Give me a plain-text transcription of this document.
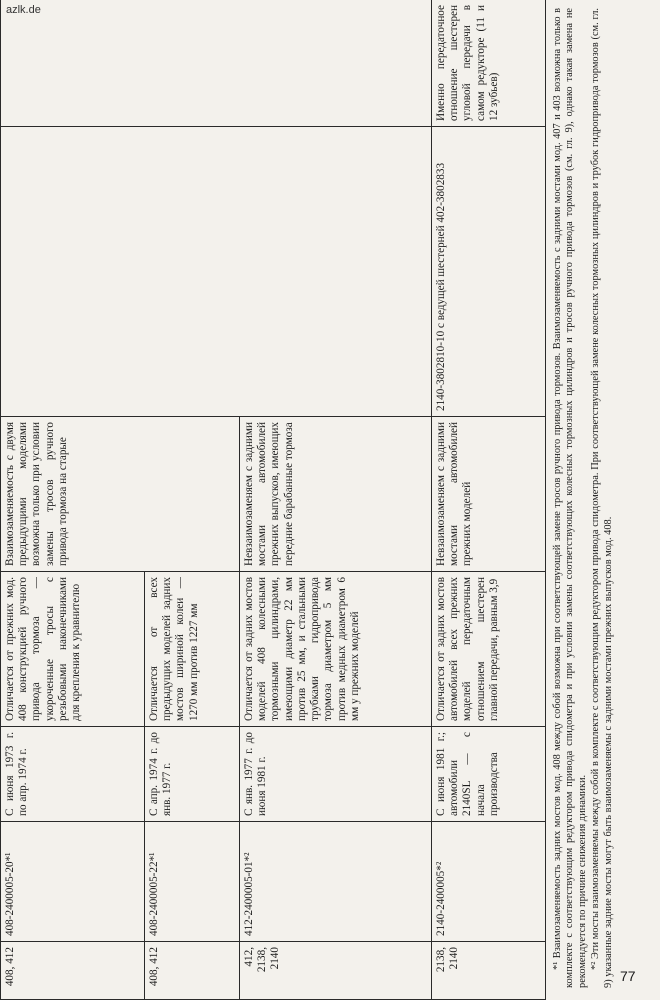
azlk.de
408, 412	408-2400005-20*¹	С июня 1973 г. по апр. 1974 г.	Отличается от прежних мод. 408 конструкцией ручного привода тормоза — укороченные тросы с резьбовыми наконечниками для крепления к уравнителю	Взаимозаменяемость с двумя предыдущими моделями возможна только при условии замены тросов ручного привода тормоза на старые		
408, 412	408-2400005-22*¹	С апр. 1974 г. до янв. 1977 г.	Отличается от всех предыдущих моделей задних мостов шириной колеи — 1270 мм против 1227 мм			
412, 2138, 2140	412-2400005-01*²	С янв. 1977 г. до июня 1981 г.	Отличается от задних мостов моделей 408 колесными тормозными цилиндрами, имеющими диаметр 22 мм против 25 мм, и стальными трубками гидропривода тормоза диаметром 5 мм против медных диаметром 6 мм у прежних моделей	Невзаимозаменяем с задними мостами автомобилей прежних выпусков, имеющих передние барабанные тормоза		
2138, 2140	2140-2400005*²	С июня 1981 г.; автомобили 2140SL — с начала производства	Отличается от задних мостов автомобилей всех прежних моделей передаточным отношением шестерен главной передачи, равным 3,9	Невзаимозаменяем с задними мостами автомобилей прежних моделей	2140-3802810-10 с ведущей шестерней 402-3802833	Именно передаточное отношение шестерен угловой передачи в самом редукторе (11 и 12 зубьев)	*¹ Взаимозаменяемость задних мостов мод. 408 между собой возможна при соответствующей замене тросов ручного привода тормозов. Взаимозаменяемость с задними мостами мод. 407 и 403 возможна только в комплекте с соответствующим редуктором привода спидометра и при условии замены соответствующих колесных тормозных цилиндров и тросов ручного привода тормозов (см. гл. 9), однако такая замена не рекомендуется по причине снижения динамики. *² Эти мосты взаимозаменяемы между собой в комплекте с соответствующим редуктором привода спидометра. При соответствующей замене колесных тормозных цилиндров и трубок гидропривода тормозов (см. гл. 9) указанные задние мосты могут быть взаимозаменяемы с задними мостами прежних выпусков мод. 408. 77
